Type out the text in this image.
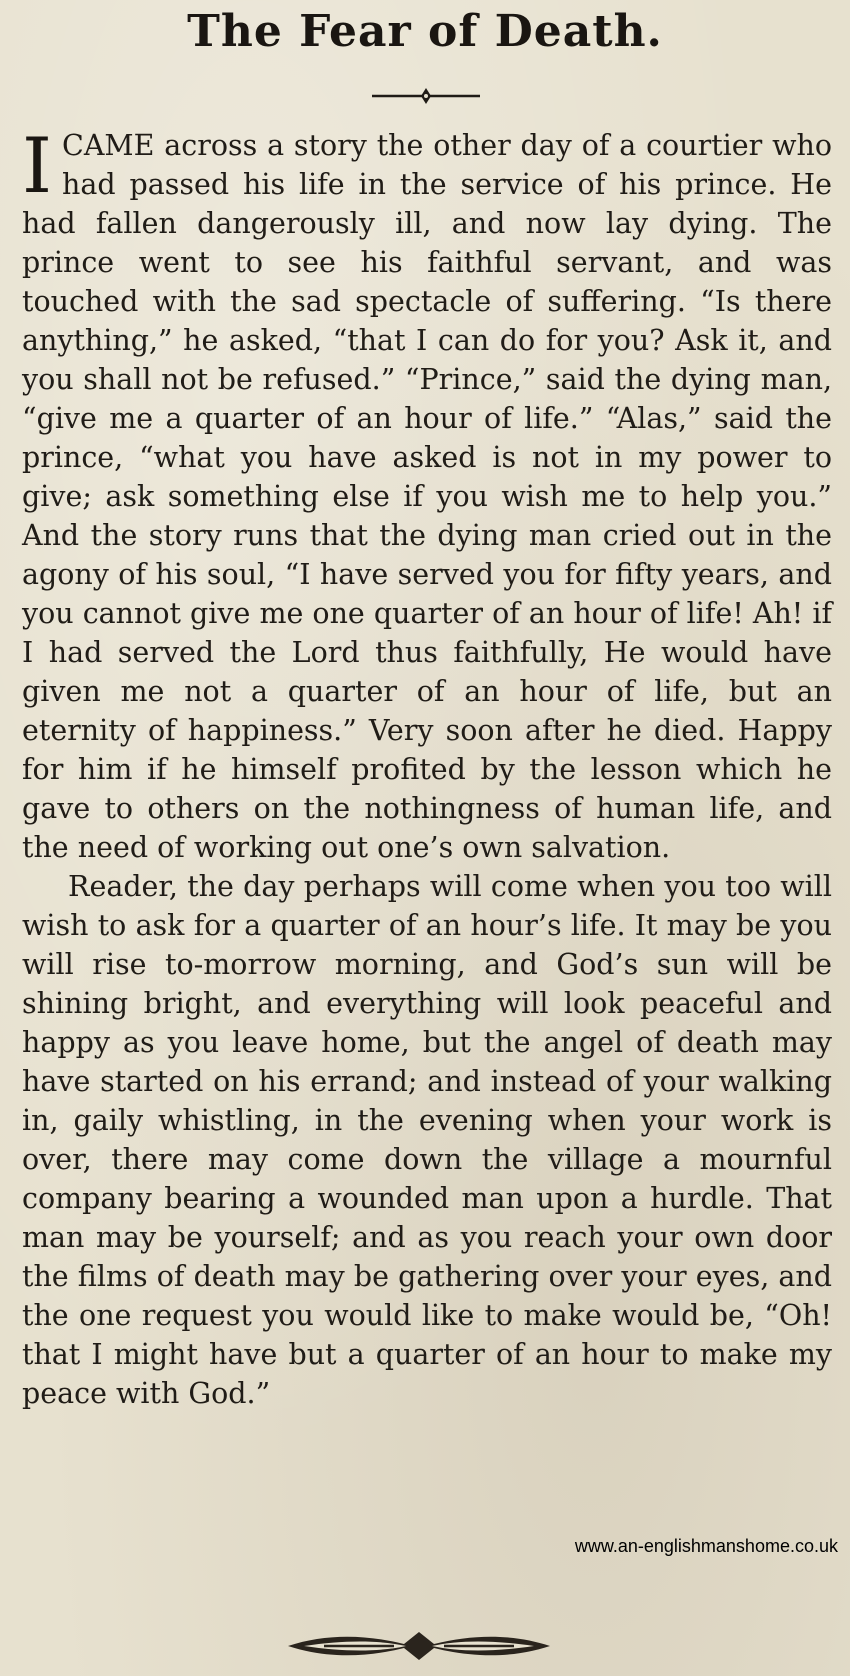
The Fear of Death.

ICAME across a story the other day of a courtier who had passed his life in the service of his prince. He had fallen dangerously ill, and now lay dying. The prince went to see his faithful servant, and was touched with the sad spectacle of suffering. “Is there anything,” he asked, “that I can do for you? Ask it, and you shall not be refused.” “Prince,” said the dying man, “give me a quarter of an hour of life.” “Alas,” said the prince, “what you have asked is not in my power to give; ask something else if you wish me to help you.” And the story runs that the dying man cried out in the agony of his soul, “I have served you for fifty years, and you cannot give me one quarter of an hour of life! Ah! if I had served the Lord thus faithfully, He would have given me not a quarter of an hour of life, but an eternity of happiness.” Very soon after he died. Happy for him if he himself profited by the lesson which he gave to others on the nothingness of human life, and the need of working out one’s own salvation.

Reader, the day perhaps will come when you too will wish to ask for a quarter of an hour’s life. It may be you will rise to-morrow morning, and God’s sun will be shining bright, and everything will look peaceful and happy as you leave home, but the angel of death may have started on his errand; and instead of your walking in, gaily whistling, in the evening when your work is over, there may come down the village a mournful company bearing a wounded man upon a hurdle. That man may be yourself; and as you reach your own door the films of death may be gathering over your eyes, and the one request you would like to make would be, “Oh! that I might have but a quarter of an hour to make my peace with God.”

www.an-englishmanshome.co.uk
